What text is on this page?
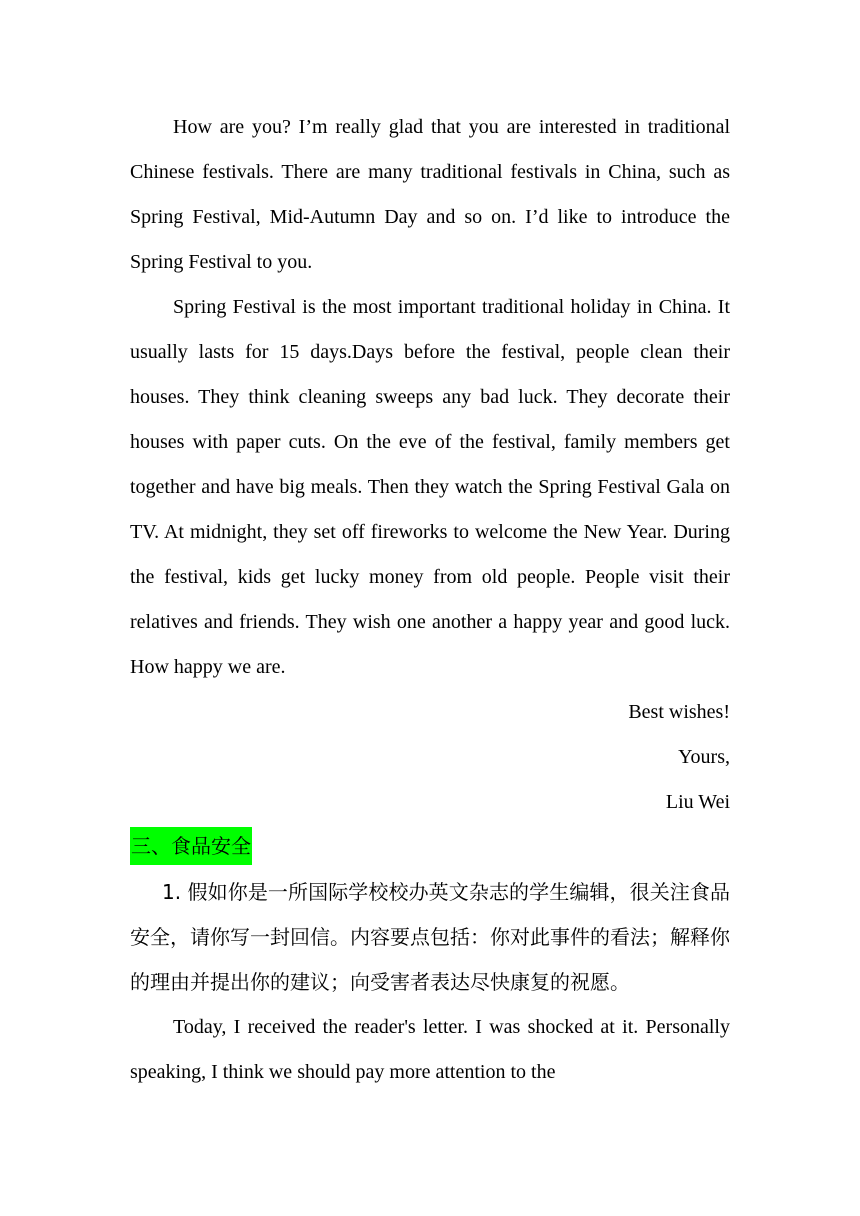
How are you? I’m really glad that you are interested in traditional Chinese festivals. There are many traditional festivals in China, such as Spring Festival, Mid-Autumn Day and so on. I’d like to introduce the Spring Festival to you.

Spring Festival is the most important traditional holiday in China. It usually lasts for 15 days.Days before the festival, people clean their houses. They think cleaning sweeps any bad luck. They decorate their houses with paper cuts. On the eve of the festival, family members get together and have big meals. Then they watch the Spring Festival Gala on TV. At midnight, they set off fireworks to welcome the New Year. During the festival, kids get lucky money from old people. People visit their relatives and friends. They wish one another a happy year and good luck. How happy we are.

Best wishes!

Yours,

Liu Wei

三、食品安全

1. 假如你是一所国际学校校办英文杂志的学生编辑，很关注食品安全，请你写一封回信。内容要点包括：你对此事件的看法；解释你的理由并提出你的建议；向受害者表达尽快康复的祝愿。

Today, I received the reader's letter. I was shocked at it. Personally speaking, I think we should pay more attention to the
